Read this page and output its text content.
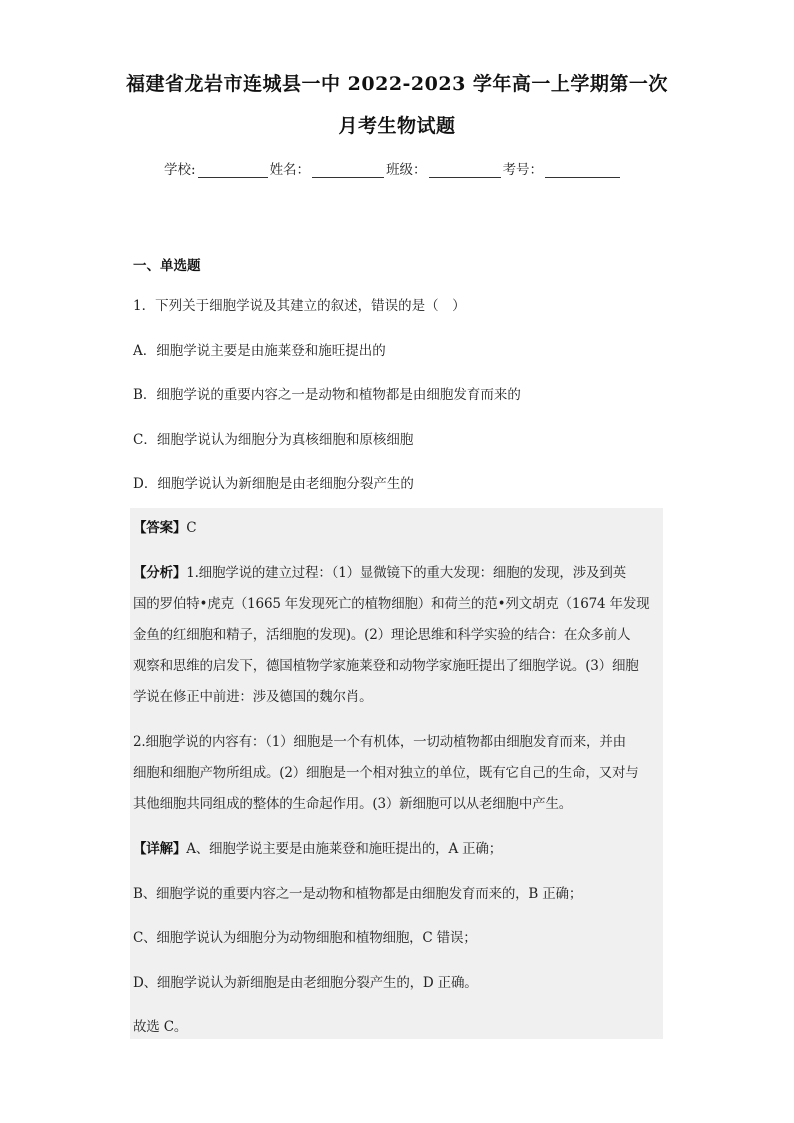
福建省龙岩市连城县一中 2022-2023 学年高一上学期第一次
月考生物试题
学校:	姓名：	班级：	考号：
一、单选题
1．下列关于细胞学说及其建立的叙述，错误的是（　）
A．细胞学说主要是由施莱登和施旺提出的
B．细胞学说的重要内容之一是动物和植物都是由细胞发育而来的
C．细胞学说认为细胞分为真核细胞和原核细胞
D．细胞学说认为新细胞是由老细胞分裂产生的
【答案】C
【分析】1.细胞学说的建立过程：（1）显微镜下的重大发现：细胞的发现，涉及到英
国的罗伯特•虎克（1665 年发现死亡的植物细胞）和荷兰的范•列文胡克（1674 年发现
金鱼的红细胞和精子，活细胞的发现)。(2）理论思维和科学实验的结合：在众多前人
观察和思维的启发下，德国植物学家施莱登和动物学家施旺提出了细胞学说。(3）细胞
学说在修正中前进：涉及德国的魏尔肖。
2.细胞学说的内容有：（1）细胞是一个有机体，一切动植物都由细胞发育而来，并由
细胞和细胞产物所组成。(2）细胞是一个相对独立的单位，既有它自己的生命，又对与
其他细胞共同组成的整体的生命起作用。(3）新细胞可以从老细胞中产生。
【详解】A、细胞学说主要是由施莱登和施旺提出的，A 正确；
B、细胞学说的重要内容之一是动物和植物都是由细胞发育而来的，B 正确；
C、细胞学说认为细胞分为动物细胞和植物细胞，C 错误；
D、细胞学说认为新细胞是由老细胞分裂产生的，D 正确。
故选 C。
